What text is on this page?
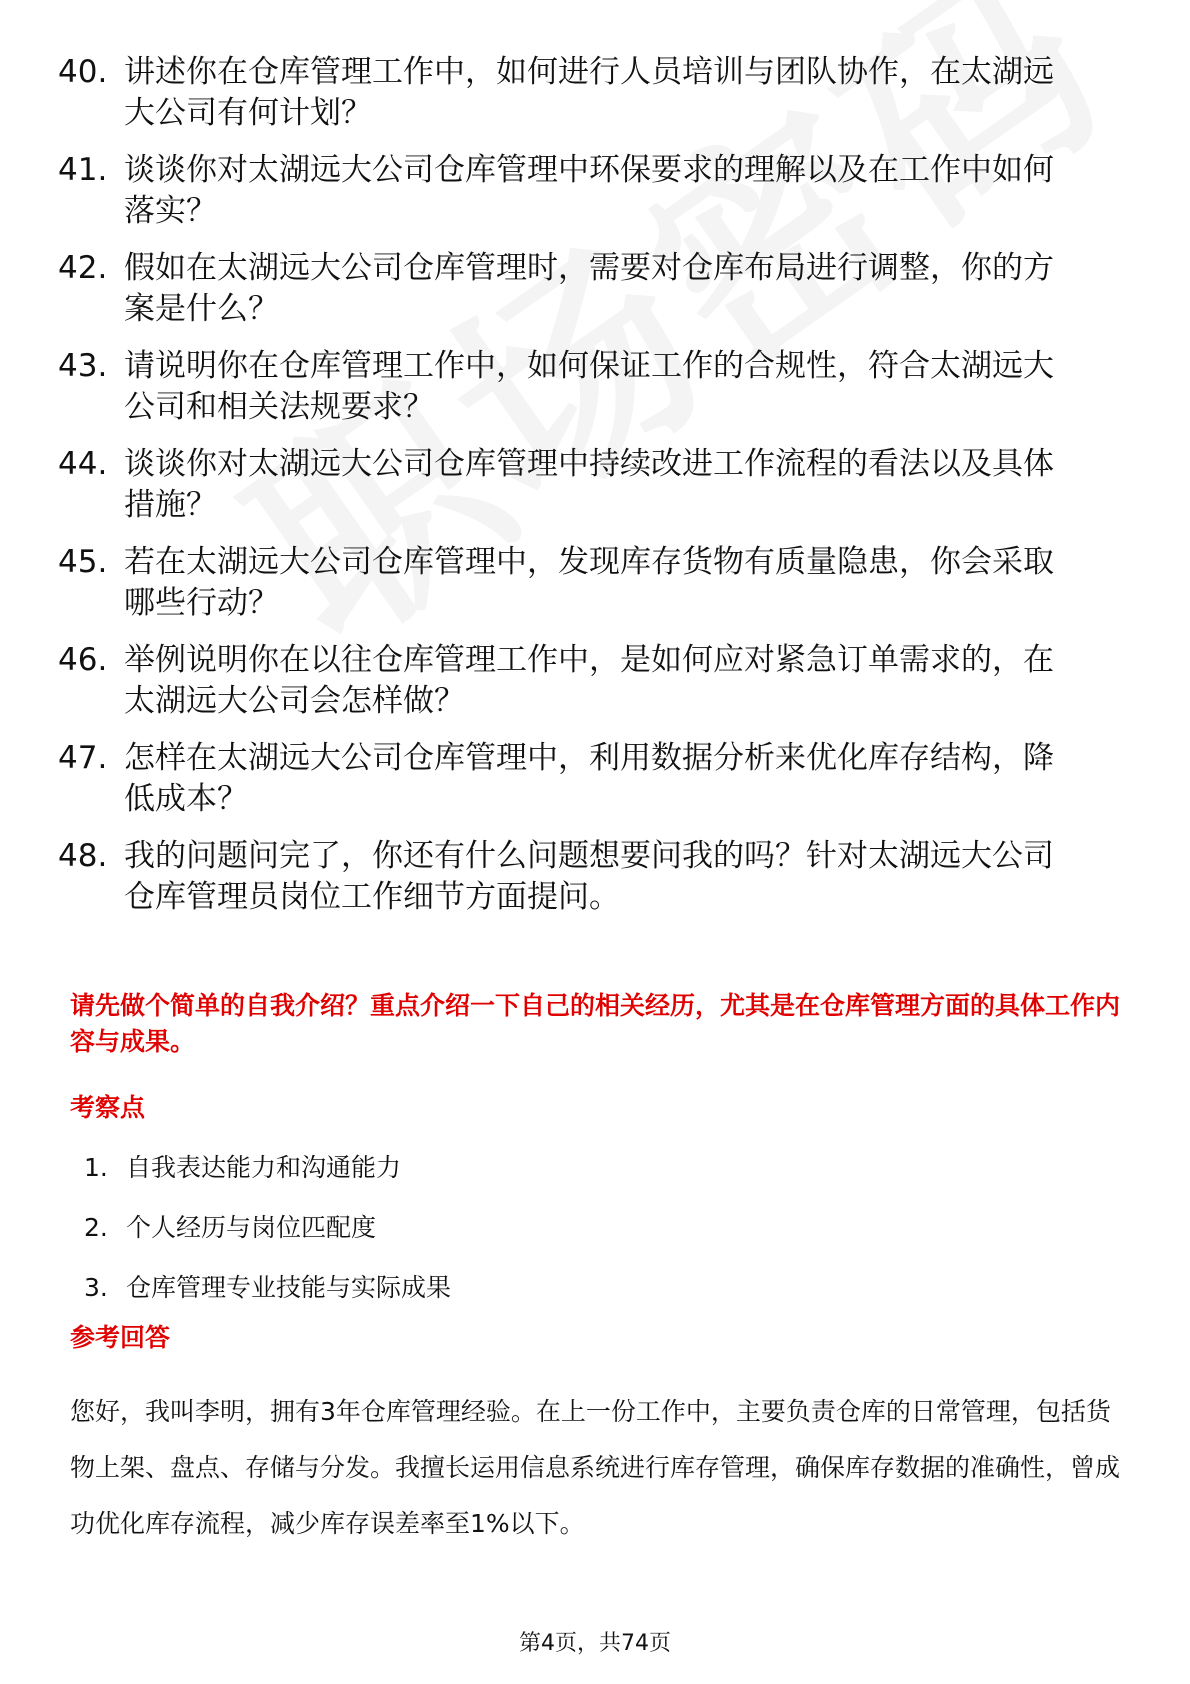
40. 讲述你在仓库管理工作中，如何进行人员培训与团队协作，在太湖远大公司有何计划？
41. 谈谈你对太湖远大公司仓库管理中环保要求的理解以及在工作中如何落实？
42. 假如在太湖远大公司仓库管理时，需要对仓库布局进行调整，你的方案是什么？
43. 请说明你在仓库管理工作中，如何保证工作的合规性，符合太湖远大公司和相关法规要求？
44. 谈谈你对太湖远大公司仓库管理中持续改进工作流程的看法以及具体措施？
45. 若在太湖远大公司仓库管理中，发现库存货物有质量隐患，你会采取哪些行动？
46. 举例说明你在以往仓库管理工作中，是如何应对紧急订单需求的，在太湖远大公司会怎样做？
47. 怎样在太湖远大公司仓库管理中，利用数据分析来优化库存结构，降低成本？
48. 我的问题问完了，你还有什么问题想要问我的吗？针对太湖远大公司仓库管理员岗位工作细节方面提问。
请先做个简单的自我介绍？重点介绍一下自己的相关经历，尤其是在仓库管理方面的具体工作内容与成果。
考察点
1. 自我表达能力和沟通能力
2. 个人经历与岗位匹配度
3. 仓库管理专业技能与实际成果
参考回答
您好，我叫李明，拥有3年仓库管理经验。在上一份工作中，主要负责仓库的日常管理，包括货物上架、盘点、存储与分发。我擅长运用信息系统进行库存管理，确保库存数据的准确性，曾成功优化库存流程，减少库存误差率至1%以下。
第4页，共74页
